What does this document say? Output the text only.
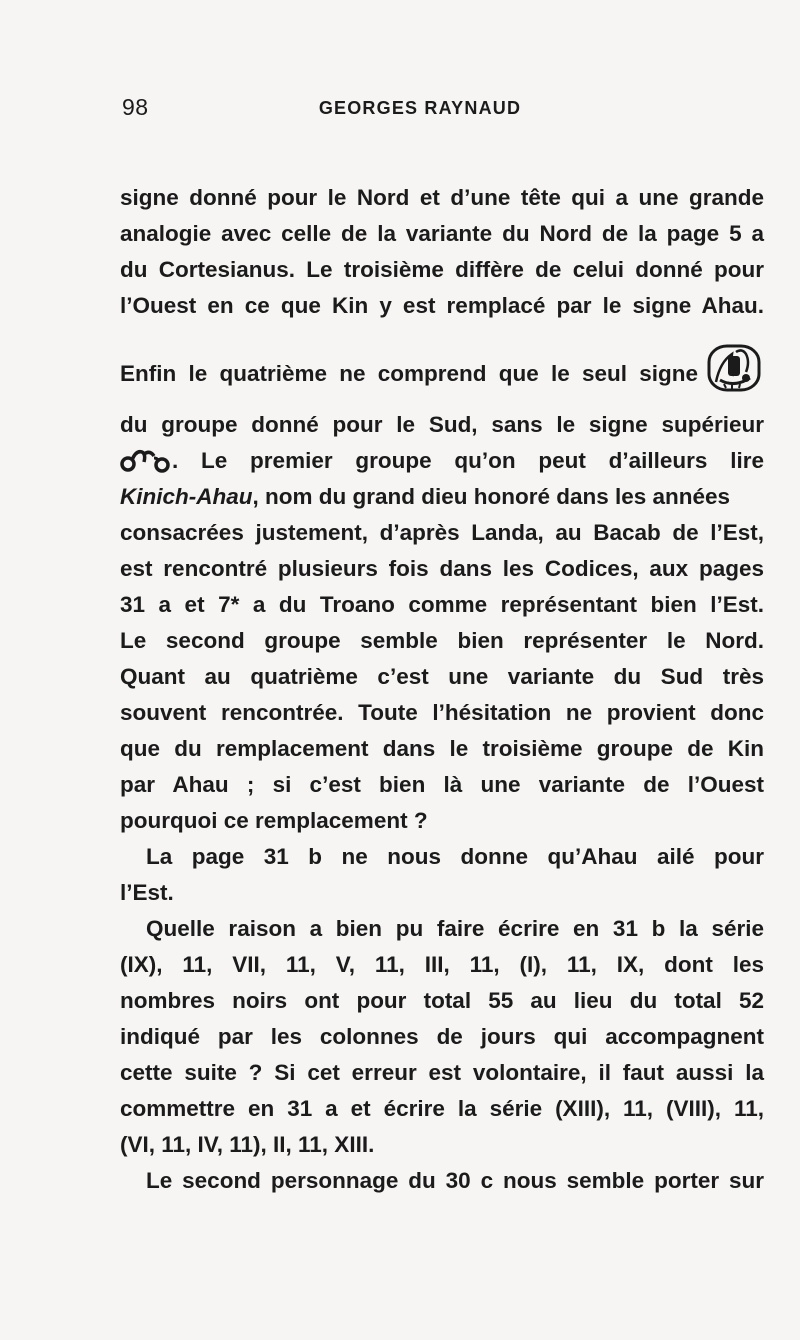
98	GEORGES RAYNAUD
signe donné pour le Nord et d’une tête qui a une grande
analogie avec celle de la variante du Nord de la page 5 a
du Cortesianus. Le troisième diffère de celui donné pour
l’Ouest en ce que Kin y est remplacé par le signe Ahau.
Enfin le quatrième ne comprend que le seul signe
du groupe donné pour le Sud, sans le signe supérieur
. Le premier groupe qu’on peut d’ailleurs lire
Kinich-Ahau, nom du grand dieu honoré dans les années
consacrées justement, d’après Landa, au Bacab de l’Est,
est rencontré plusieurs fois dans les Codices, aux pages
31 a et 7* a du Troano comme représentant bien l’Est.
Le second groupe semble bien représenter le Nord.
Quant au quatrième c’est une variante du Sud très
souvent rencontrée. Toute l’hésitation ne provient donc
que du remplacement dans le troisième groupe de Kin
par Ahau ; si c’est bien là une variante de l’Ouest
pourquoi ce remplacement ?
La page 31 b ne nous donne qu’Ahau ailé pour
l’Est.
Quelle raison a bien pu faire écrire en 31 b la série
(IX), 11, VII, 11, V, 11, III, 11, (I), 11, IX, dont les
nombres noirs ont pour total 55 au lieu du total 52
indiqué par les colonnes de jours qui accompagnent
cette suite ? Si cet erreur est volontaire, il faut aussi la
commettre en 31 a et écrire la série (XIII), 11, (VIII), 11,
(VI, 11, IV, 11), II, 11, XIII.
Le second personnage du 30 c nous semble porter sur
